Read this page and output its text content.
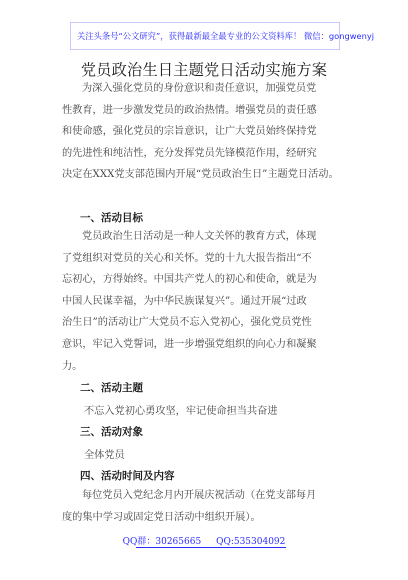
关注头条号“公文研究”，获得最新最全最专业的公文资料库！ 微信：gongwenyj
党员政治生日主题党日活动实施方案
为深入强化党员的身份意识和责任意识，加强党员党
性教育，进一步激发党员的政治热情。增强党员的责任感
和使命感，强化党员的宗旨意识，让广大党员始终保持党
的先进性和纯洁性，充分发挥党员先锋模范作用，经研究
决定在XXX党支部范围内开展“党员政治生日”主题党日活动。
一、活动目标
党员政治生日活动是一种人文关怀的教育方式，体现
了党组织对党员的关心和关怀。党的十九大报告指出“不
忘初心，方得始终。中国共产党人的初心和使命，就是为
中国人民谋幸福，为中华民族谋复兴”。通过开展“过政
治生日”的活动让广大党员不忘入党初心，强化党员党性
意识，牢记入党誓词，进一步增强党组织的向心力和凝聚
力。
二、活动主题
不忘入党初心勇攻坚，牢记使命担当共奋进
三、活动对象
全体党员
四、活动时间及内容
每位党员入党纪念月内开展庆祝活动（在党支部每月
度的集中学习或固定党日活动中组织开展）。
QQ群：30265665 QQ:535304092
